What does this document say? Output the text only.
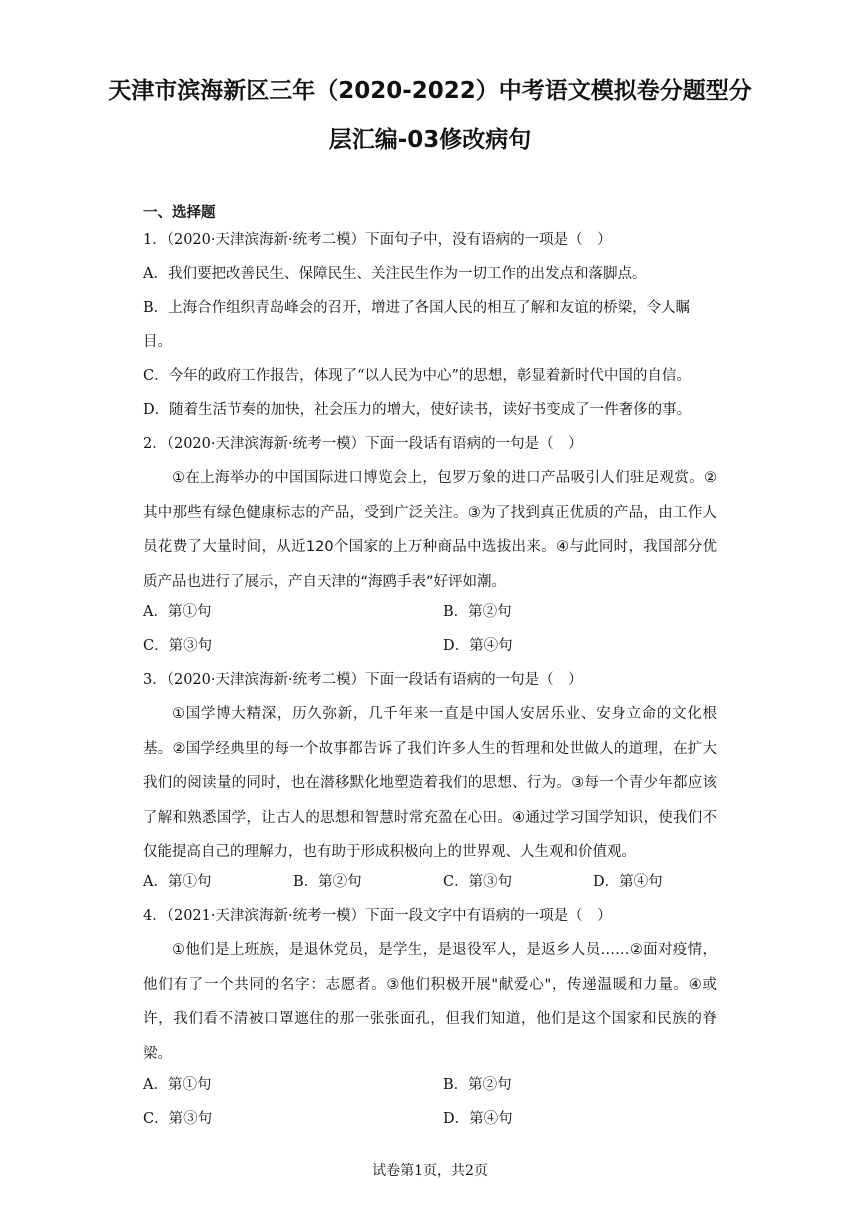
天津市滨海新区三年（2020-2022）中考语文模拟卷分题型分
层汇编-03修改病句
一、选择题
1．（2020·天津滨海新·统考二模）下面句子中，没有语病的一项是（　）
A．我们要把改善民生、保障民生、关注民生作为一切工作的出发点和落脚点。
B．上海合作组织青岛峰会的召开，增进了各国人民的相互了解和友谊的桥梁，令人瞩
目。
C．今年的政府工作报告，体现了“以人民为中心”的思想，彰显着新时代中国的自信。
D．随着生活节奏的加快，社会压力的增大，使好读书，读好书变成了一件奢侈的事。
2．（2020·天津滨海新·统考一模）下面一段话有语病的一句是（　）
①在上海举办的中国国际进口博览会上，包罗万象的进口产品吸引人们驻足观赏。②其中那些有绿色健康标志的产品，受到广泛关注。③为了找到真正优质的产品，由工作人员花费了大量时间，从近120个国家的上万种商品中选拔出来。④与此同时，我国部分优质产品也进行了展示，产自天津的“海鸥手表”好评如潮。
A．第①句	B．第②句
C．第③句	D．第④句
3．（2020·天津滨海新·统考二模）下面一段话有语病的一句是（　）
①国学博大精深，历久弥新，几千年来一直是中国人安居乐业、安身立命的文化根基。②国学经典里的每一个故事都告诉了我们许多人生的哲理和处世做人的道理，在扩大我们的阅读量的同时，也在潜移默化地塑造着我们的思想、行为。③每一个青少年都应该了解和熟悉国学，让古人的思想和智慧时常充盈在心田。④通过学习国学知识，使我们不仅能提高自己的理解力，也有助于形成积极向上的世界观、人生观和价值观。
A．第①句	B．第②句	C．第③句	D．第④句
4．（2021·天津滨海新·统考一模）下面一段文字中有语病的一项是（　）
①他们是上班族，是退休党员，是学生，是退役军人，是返乡人员……②面对疫情，他们有了一个共同的名字：志愿者。③他们积极开展"献爱心"，传递温暖和力量。④或许，我们看不清被口罩遮住的那一张张面孔，但我们知道，他们是这个国家和民族的脊梁。
A．第①句	B．第②句
C．第③句	D．第④句
试卷第1页，共2页
